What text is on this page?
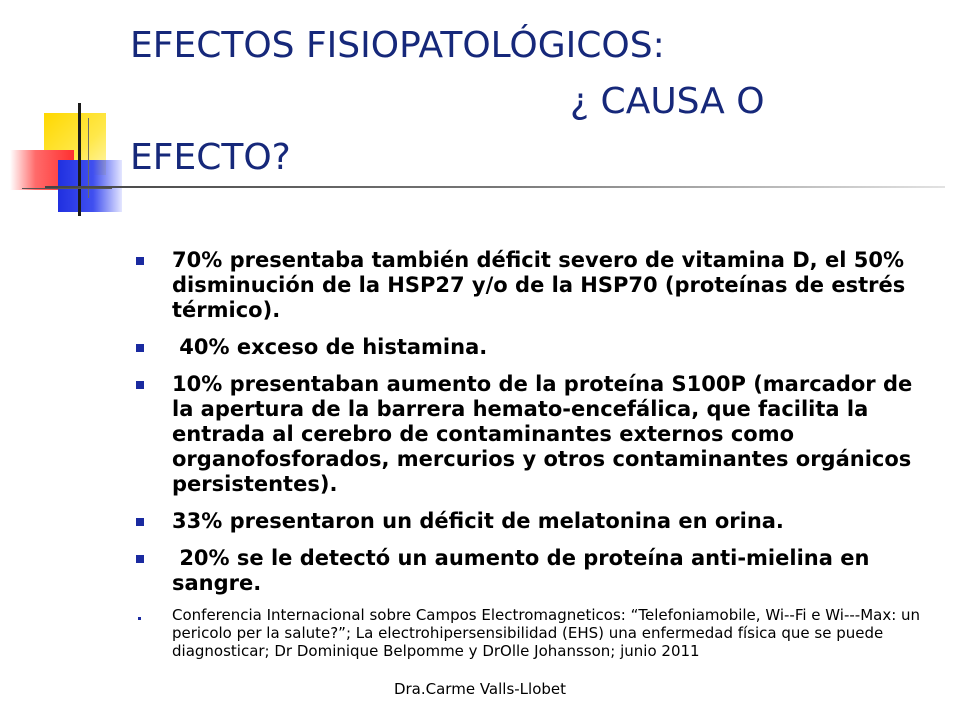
EFECTOS FISIOPATOLÓGICOS:
¿ CAUSA O
EFECTO?
70% presentaba también déficit severo de vitamina D, el 50% disminución de la HSP27 y/o de la HSP70 (proteínas de estrés térmico).
40% exceso de histamina.
10% presentaban aumento de la proteína S100P (marcador de la apertura de la barrera hemato-encefálica, que facilita la entrada al cerebro de contaminantes externos como organofosforados, mercurios y otros contaminantes orgánicos persistentes).
33% presentaron un déficit de melatonina en orina.
20% se le detectó un aumento de proteína anti-mielina en sangre.
Conferencia Internacional sobre Campos Electromagneticos: “Telefoniamobile, Wi--Fi e Wi---Max: un pericolo per la salute?”; La electrohipersensibilidad (EHS) una enfermedad física que se puede diagnosticar; Dr Dominique Belpomme y DrOlle Johansson; junio 2011
Dra.Carme Valls-Llobet
